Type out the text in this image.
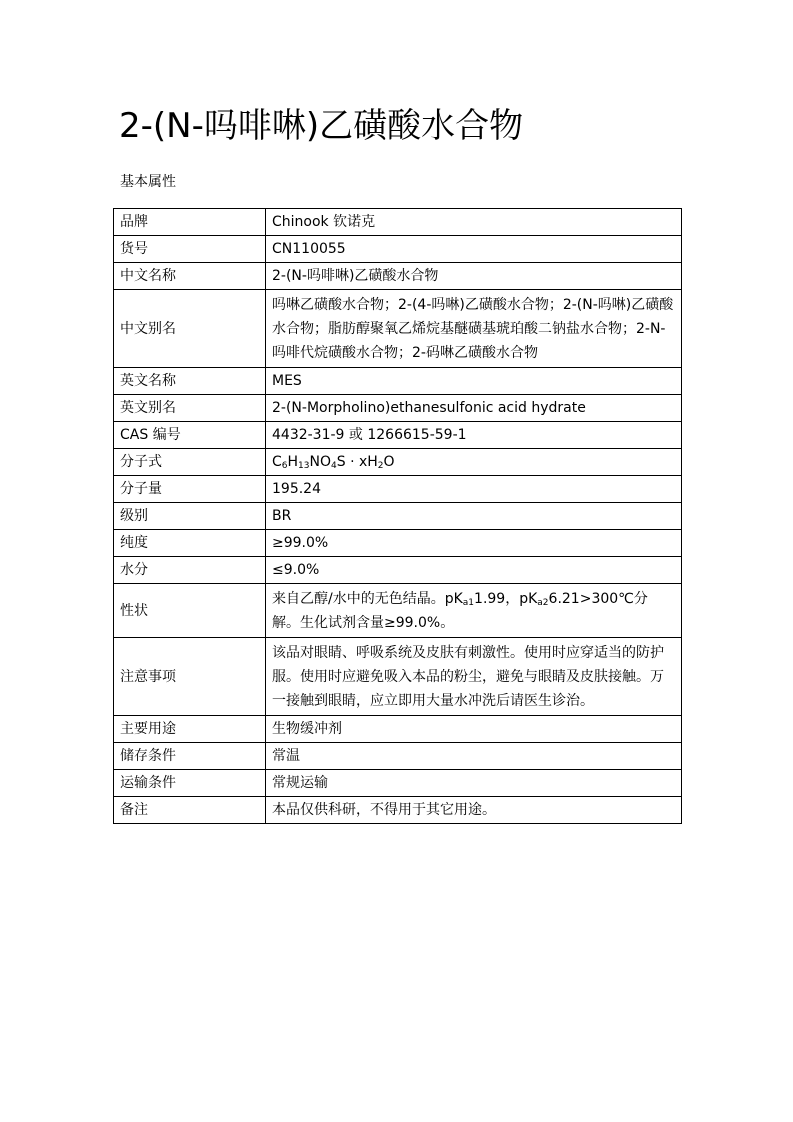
2-(N-吗啡啉)乙磺酸水合物
基本属性
品牌	Chinook 钦诺克
货号	CN110055
中文名称	2-(N-吗啡啉)乙磺酸水合物
中文别名	吗啉乙磺酸水合物；2-(4-吗啉)乙磺酸水合物；2-(N-吗啉)乙磺酸水合物；脂肪醇聚氧乙烯烷基醚磺基琥珀酸二钠盐水合物；2-N-吗啡代烷磺酸水合物；2-码啉乙磺酸水合物
英文名称	MES
英文别名	2-(N-Morpholino)ethanesulfonic acid hydrate
CAS 编号	4432-31-9 或 1266615-59-1
分子式	$C_6H_{13}NO_4S \cdot xH_2O$
分子量	195.24
级别	BR
纯度	≥99.0%
水分	≤9.0%
性状	来自乙醇/水中的无色结晶。$pK_{a1}1.99$，$pK_{a2}6.21>300℃$分解。生化试剂含量≥99.0%。
注意事项	该品对眼睛、呼吸系统及皮肤有刺激性。使用时应穿适当的防护服。使用时应避免吸入本品的粉尘，避免与眼睛及皮肤接触。万一接触到眼睛，应立即用大量水冲洗后请医生诊治。
主要用途	生物缓冲剂
储存条件	常温
运输条件	常规运输
备注	本品仅供科研，不得用于其它用途。
